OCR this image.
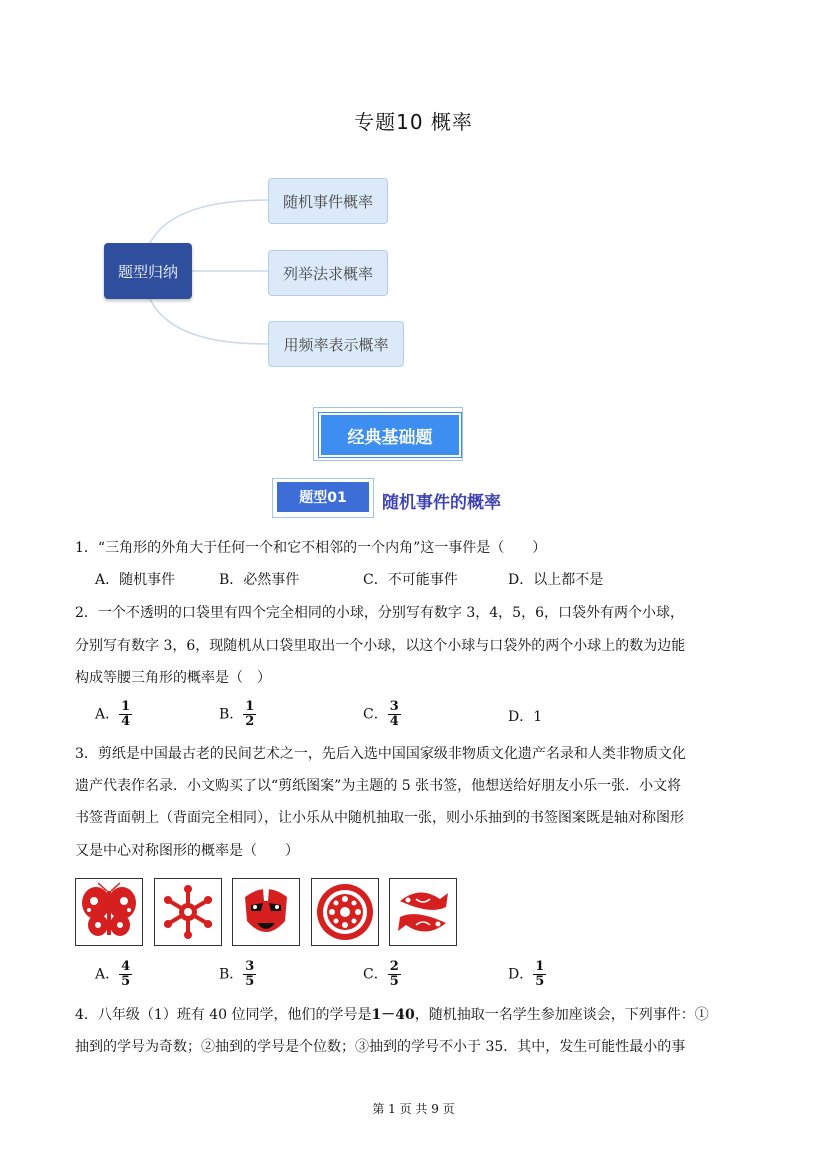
专题10 概率
题型归纳
随机事件概率
列举法求概率
用频率表示概率
经典基础题
题型01	随机事件的概率
1．“三角形的外角大于任何一个和它不相邻的一个内角”这一事件是（　　）
A．随机事件	B．必然事件	C．不可能事件	D．以上都不是
2．一个不透明的口袋里有四个完全相同的小球，分别写有数字 3，4，5，6，口袋外有两个小球，
分别写有数字 3，6，现随机从口袋里取出一个小球，以这个小球与口袋外的两个小球上的数为边能
构成等腰三角形的概率是（　）
A． $\frac{1}{4}$	B． $\frac{1}{2}$	C． $\frac{3}{4}$	D．1
3．剪纸是中国最古老的民间艺术之一，先后入选中国国家级非物质文化遗产名录和人类非物质文化
遗产代表作名录．小文购买了以“剪纸图案”为主题的 5 张书签，他想送给好朋友小乐一张．小文将
书签背面朝上（背面完全相同），让小乐从中随机抽取一张，则小乐抽到的书签图案既是轴对称图形
又是中心对称图形的概率是（　　）
A． $\frac{4}{5}$	B． $\frac{3}{5}$	C． $\frac{2}{5}$	D． $\frac{1}{5}$
4．八年级（1）班有 40 位同学，他们的学号是1－40，随机抽取一名学生参加座谈会，下列事件：①
抽到的学号为奇数；②抽到的学号是个位数；③抽到的学号不小于 35．其中，发生可能性最小的事
第 1 页 共 9 页
